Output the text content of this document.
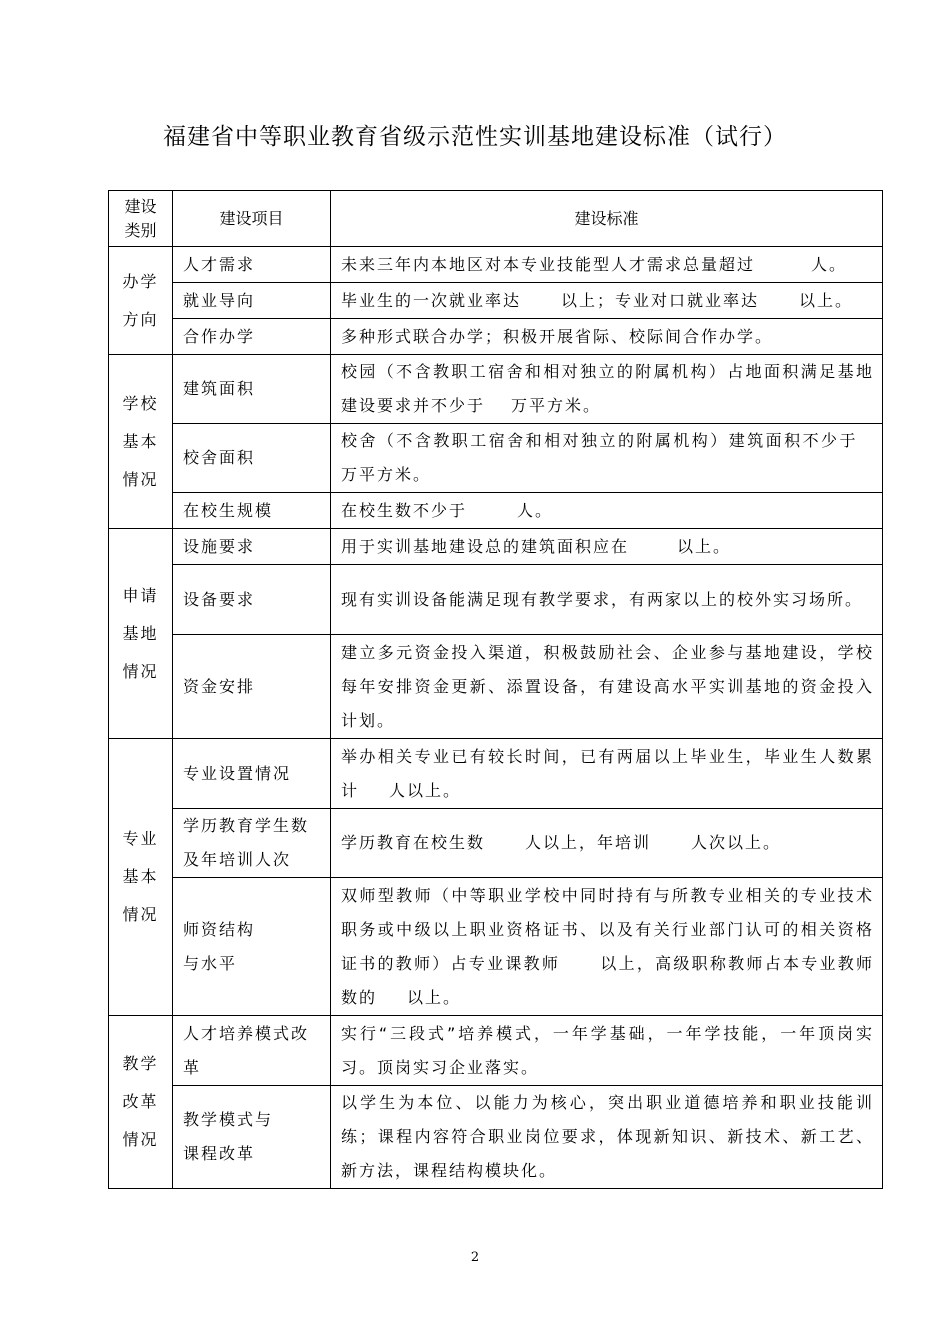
福建省中等职业教育省级示范性实训基地建设标准（试行）
建设
类别	建设项目	建设标准

办学
方向	人才需求	未来三年内本地区对本专业技能型人才需求总量超过 人。
	就业导向	毕业生的一次就业率达 以上；专业对口就业率达 以上。
	合作办学	多种形式联合办学；积极开展省际、校际间合作办学。

学校
基本
情况	建筑面积	校园（不含教职工宿舍和相对独立的附属机构）占地面积满足基地建设要求并不少于 万平方米。
	校舍面积	校舍（不含教职工宿舍和相对独立的附属机构）建筑面积不少于万平方米。
	在校生规模	在校生数不少于 人。

申请
基地
情况	设施要求	用于实训基地建设总的建筑面积应在 以上。
	设备要求	现有实训设备能满足现有教学要求，有两家以上的校外实习场所。
	资金安排	建立多元资金投入渠道，积极鼓励社会、企业参与基地建设，学校每年安排资金更新、添置设备，有建设高水平实训基地的资金投入计划。

专业
基本
情况	专业设置情况	举办相关专业已有较长时间，已有两届以上毕业生，毕业生人数累计 人以上。
	学历教育学生数及年培训人次	学历教育在校生数 人以上，年培训 人次以上。

	师资结构
与水平	双师型教师（中等职业学校中同时持有与所教专业相关的专业技术职务或中级以上职业资格证书、以及有关行业部门认可的相关资格证书的教师）占专业课教师 以上，高级职称教师占本专业教师数的 以上。

教学
改革
情况	人才培养模式改革	实行“三段式”培养模式，一年学基础，一年学技能，一年顶岗实习。顶岗实习企业落实。

	教学模式与
课程改革	以学生为本位、以能力为核心，突出职业道德培养和职业技能训练；课程内容符合职业岗位要求，体现新知识、新技术、新工艺、新方法，课程结构模块化。
2
